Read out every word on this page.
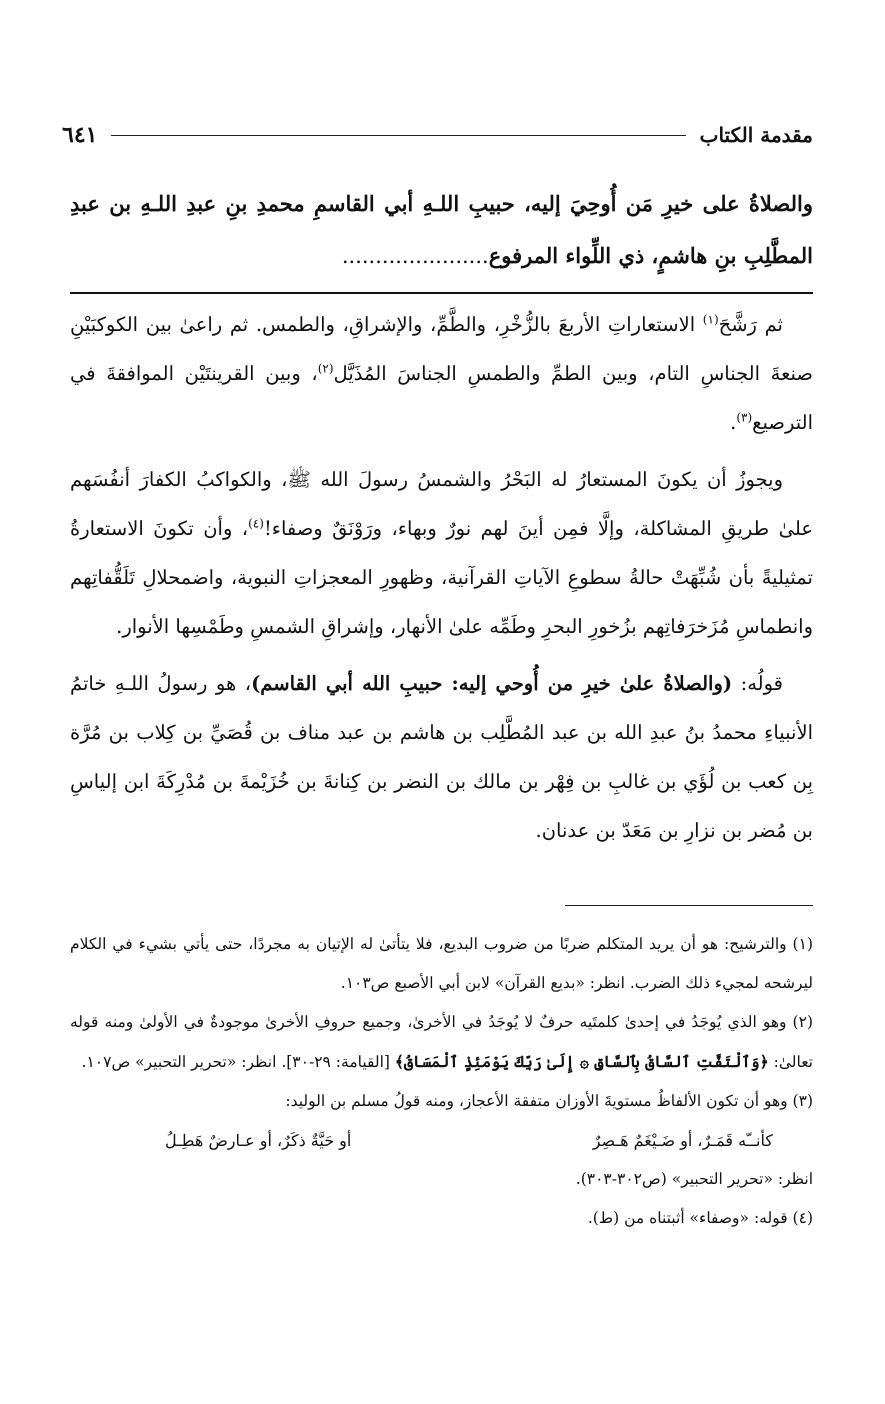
مقدمة الكتاب
٦٤١
والصلاةُ على خيرِ مَن أُوحِيَ إليه، حبيبِ اللـهِ أبي القاسمِ محمدِ بنِ عبدِ اللـهِ بن عبدِ المطَّلِبِ بنِ هاشمٍ، ذي اللِّواء المرفوع......................

ثم رَشَّحَ$^{(١)}$ الاستعاراتِ الأربعَ بالزُّخْرِ، والطَّمِّ، والإشراقِ، والطمس. ثم راعىٰ بين الكوكبَيْنِ صنعةَ الجناسِ التام، وبين الطمِّ والطمسِ الجناسَ المُذَيَّل$^{(٢)}$، وبين القرينتَيْن الموافقةَ في الترصيع$^{(٣)}$.

ويجوزُ أن يكونَ المستعارُ له البَحْرُ والشمسُ رسولَ الله ﷺ، والكواكبُ الكفارَ أنفُسَهم علىٰ طريقِ المشاكلة، وإلَّا فمِن أينَ لهم نورٌ وبهاء، ورَوْنَقٌ وصفاء!$^{(٤)}$، وأن تكونَ الاستعارةُ تمثيليةً بأن شُبِّهَتْ حالةُ سطوعِ الآياتِ القرآنية، وظهورِ المعجزاتِ النبوية، واضمحلالِ تَلَقُّفاتِهم وانطماسِ مُزَخرَفاتِهم بزُخورِ البحرِ وطَمِّه علىٰ الأنهار، وإشراقِ الشمسِ وطَمْسِها الأنوار.

قولُه: (والصلاةُ علىٰ خيرِ من أُوحي إليه: حبيبِ الله أبي القاسم)، هو رسولُ اللـهِ خاتمُ الأنبياءِ محمدُ بنُ عبدِ الله بن عبد المُطَّلِب بن هاشم بن عبد مناف بن قُصَيِّ بن كِلاب بن مُرَّة بِن كعب بن لُؤَي بن غالبِ بن فِهْر بن مالك بن النضر بن كِنانةَ بن خُزَيْمةَ بن مُدْرِكَةَ ابن إلياسِ بن مُضر بن نزارِ بن مَعَدّ بن عدنان.

(١) والترشيح: هو أن يريد المتكلم ضربًا من ضروب البديع، فلا يتأتىٰ له الإتيان به مجردًا، حتى يأتي بشيء في الكلام ليرشحه لمجيء ذلك الضرب. انظر: «بديع القرآن» لابن أبي الأصبع ص١٠٣.

(٢) وهو الذي يُوجَدُ في إحدىٰ كلمتَيه حرفٌ لا يُوجَدُ في الأخرىٰ، وجميع حروفِ الأخرىٰ موجودةٌ في الأولىٰ ومنه قوله تعالىٰ: ﴿وَٱلْتَفَّتِ ٱلسَّاقُ بِٱلسَّاقِ ۞ إِلَىٰ رَبِّكَ يَوْمَئِذٍ ٱلْمَسَاقُ﴾ [القيامة: ٢٩-٣٠]. انظر: «تحرير التحبير» ص١٠٧.

(٣) وهو أن تكون الألفاظُ مستويةَ الأوزان متفقة الأعجاز، ومنه قولُ مسلم بن الوليد:

كأنــّه قَمَـرٌ، أو ضَـيْغَمٌ هَـصِرٌ
أو حَيَّةٌ ذكَرٌ، أو عـارضٌ هَطِـلُ

انظر: «تحرير التحبير» (ص٣٠٢-٣٠٣).

(٤) قوله: «وصفاء» أثبتناه من (ط).
